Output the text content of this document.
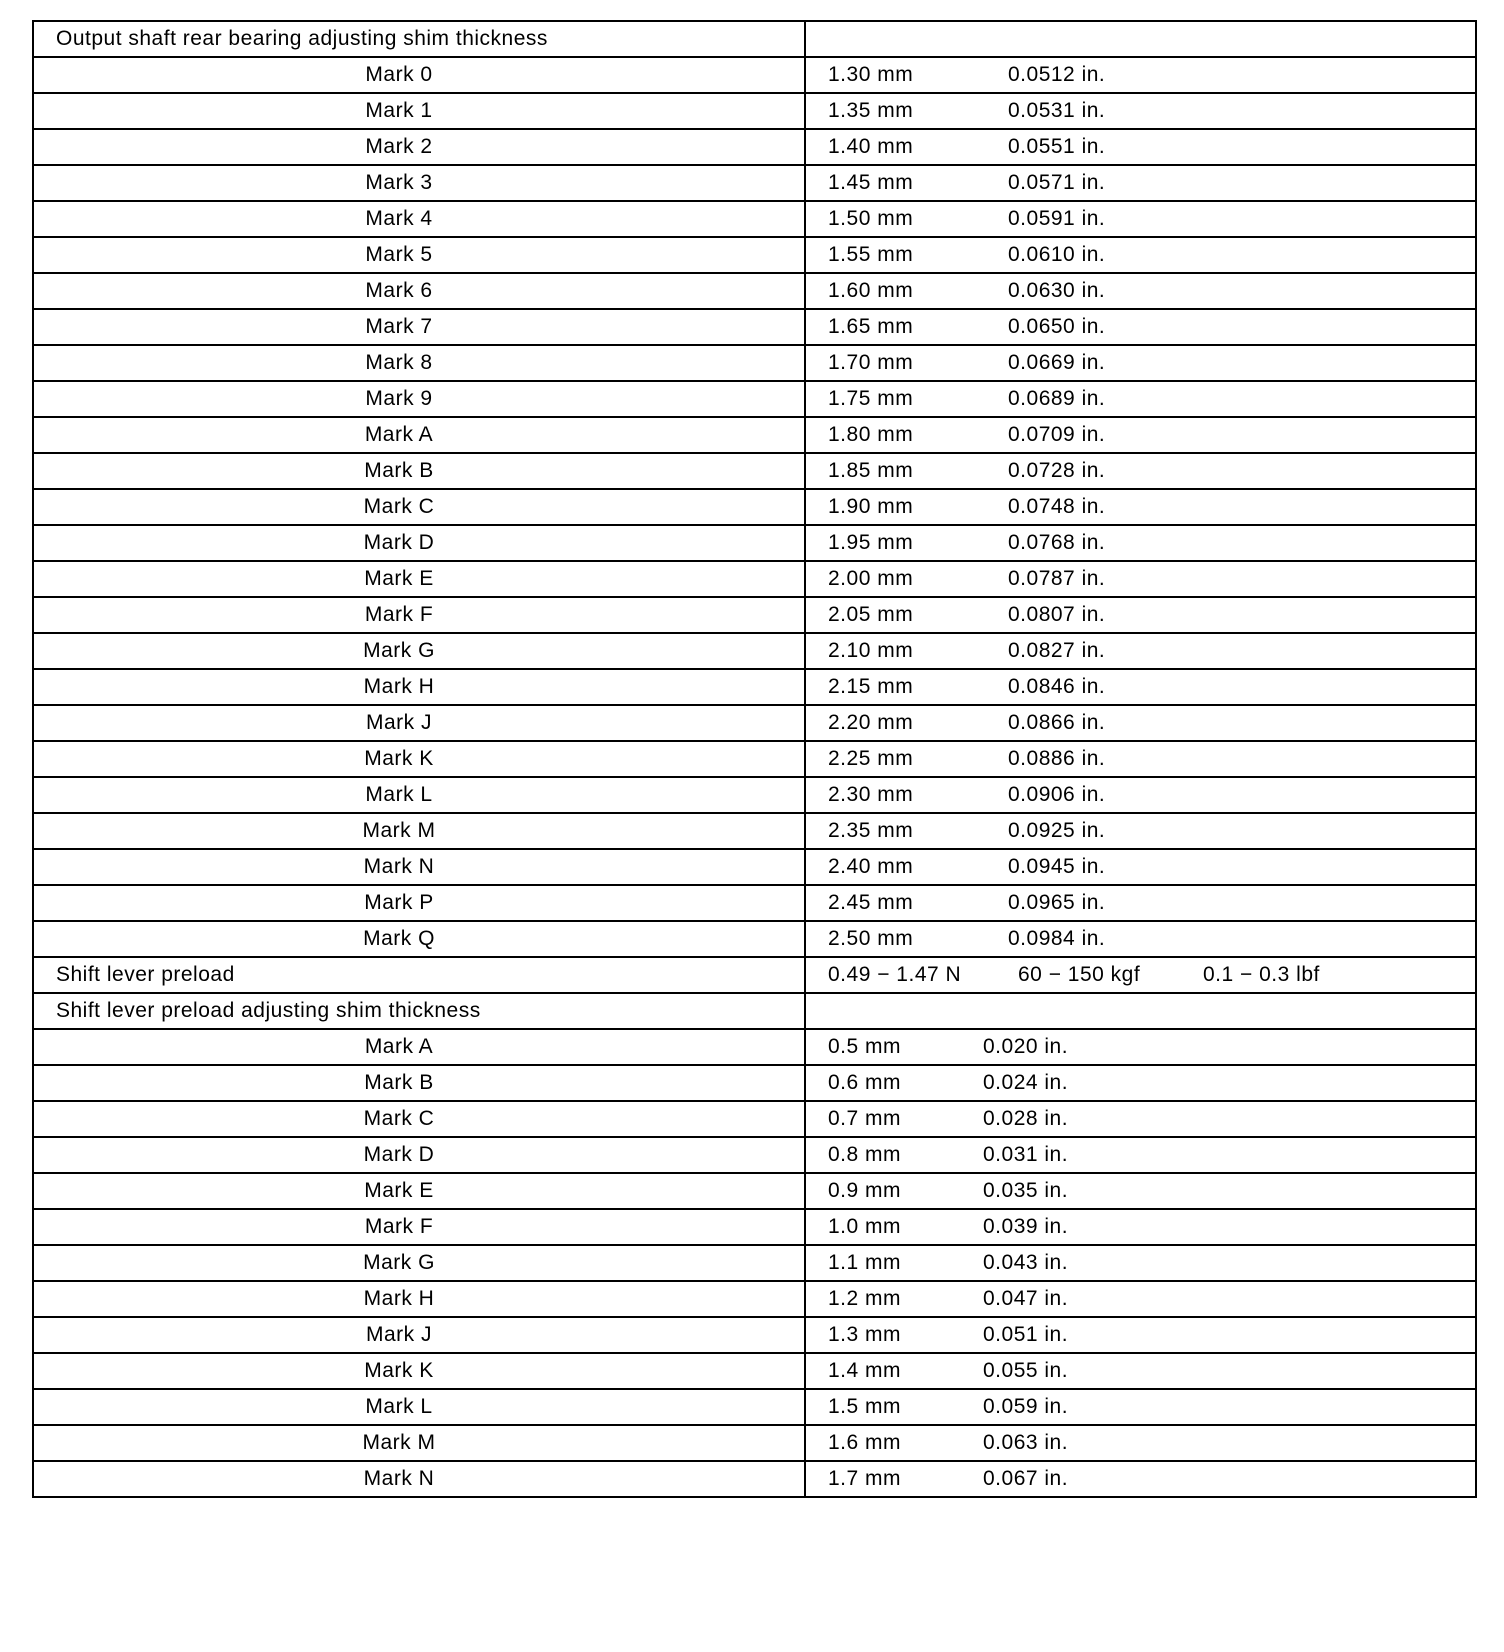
Output shaft rear bearing adjusting shim thickness	
Mark 0	1.30 mm 0.0512 in.
Mark 1	1.35 mm 0.0531 in.
Mark 2	1.40 mm 0.0551 in.
Mark 3	1.45 mm 0.0571 in.
Mark 4	1.50 mm 0.0591 in.
Mark 5	1.55 mm 0.0610 in.
Mark 6	1.60 mm 0.0630 in.
Mark 7	1.65 mm 0.0650 in.
Mark 8	1.70 mm 0.0669 in.
Mark 9	1.75 mm 0.0689 in.
Mark A	1.80 mm 0.0709 in.
Mark B	1.85 mm 0.0728 in.
Mark C	1.90 mm 0.0748 in.
Mark D	1.95 mm 0.0768 in.
Mark E	2.00 mm 0.0787 in.
Mark F	2.05 mm 0.0807 in.
Mark G	2.10 mm 0.0827 in.
Mark H	2.15 mm 0.0846 in.
Mark J	2.20 mm 0.0866 in.
Mark K	2.25 mm 0.0886 in.
Mark L	2.30 mm 0.0906 in.
Mark M	2.35 mm 0.0925 in.
Mark N	2.40 mm 0.0945 in.
Mark P	2.45 mm 0.0965 in.
Mark Q	2.50 mm 0.0984 in.
Shift lever preload	0.49 − 1.47 N 60 − 150 kgf 0.1 − 0.3 lbf
Shift lever preload adjusting shim thickness	
Mark A	0.5 mm 0.020 in.
Mark B	0.6 mm 0.024 in.
Mark C	0.7 mm 0.028 in.
Mark D	0.8 mm 0.031 in.
Mark E	0.9 mm 0.035 in.
Mark F	1.0 mm 0.039 in.
Mark G	1.1 mm 0.043 in.
Mark H	1.2 mm 0.047 in.
Mark J	1.3 mm 0.051 in.
Mark K	1.4 mm 0.055 in.
Mark L	1.5 mm 0.059 in.
Mark M	1.6 mm 0.063 in.
Mark N	1.7 mm 0.067 in.
